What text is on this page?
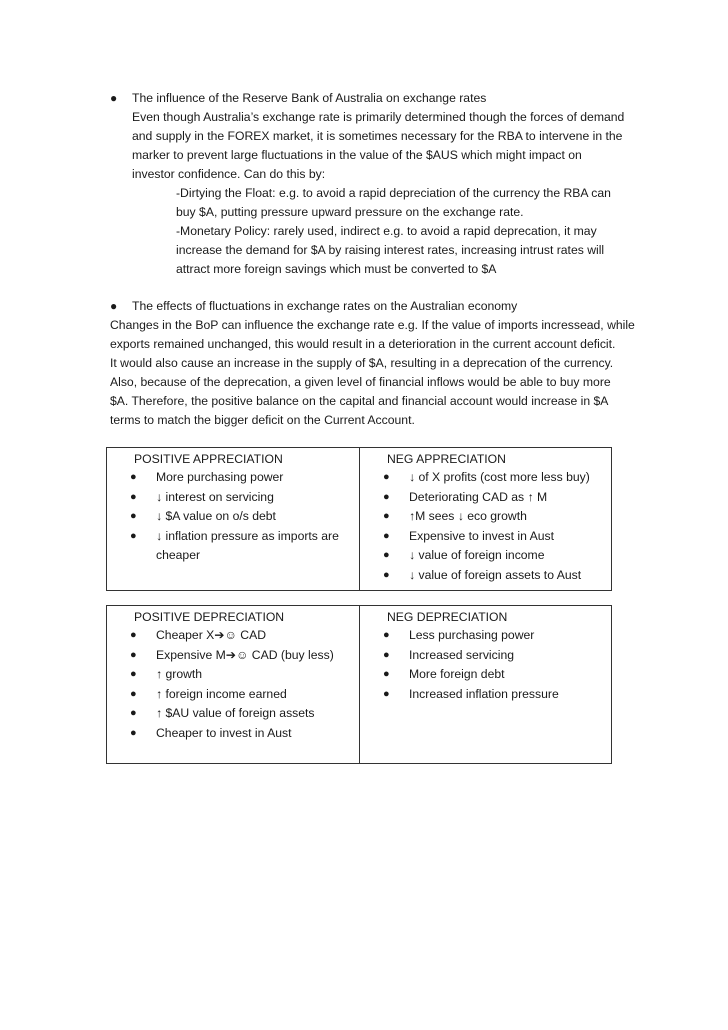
● The influence of the Reserve Bank of Australia on exchange rates
Even though Australia’s exchange rate is primarily determined though the forces of demand
and supply in the FOREX market, it is sometimes necessary for the RBA to intervene in the
marker to prevent large fluctuations in the value of the $AUS which might impact on
investor confidence. Can do this by:
-Dirtying the Float: e.g. to avoid a rapid depreciation of the currency the RBA can
buy $A, putting pressure upward pressure on the exchange rate.
-Monetary Policy: rarely used, indirect e.g. to avoid a rapid deprecation, it may
increase the demand for $A by raising interest rates, increasing intrust rates will
attract more foreign savings which must be converted to $A
● The effects of fluctuations in exchange rates on the Australian economy
Changes in the BoP can influence the exchange rate e.g. If the value of imports incressead, while
exports remained unchanged, this would result in a deterioration in the current account deficit.
It would also cause an increase in the supply of $A, resulting in a deprecation of the currency.
Also, because of the deprecation, a given level of financial inflows would be able to buy more
$A. Therefore, the positive balance on the capital and financial account would increase in $A
terms to match the bigger deficit on the Current Account.
POSITIVE APPRECIATION
● More purchasing power
● ↓ interest on servicing
● ↓ $A value on o/s debt
● ↓ inflation pressure as imports are cheaper

NEG APPRECIATION
● ↓ of X profits (cost more less buy)
● Deteriorating CAD as ↑ M
● ↑M sees ↓ eco growth
● Expensive to invest in Aust
● ↓ value of foreign income
● ↓ value of foreign assets to Aust
POSITIVE DEPRECIATION
● Cheaper X➔☺ CAD
● Expensive M➔☺ CAD (buy less)
● ↑ growth
● ↑ foreign income earned
● ↑ $AU value of foreign assets
● Cheaper to invest in Aust

NEG DEPRECIATION
● Less purchasing power
● Increased servicing
● More foreign debt
● Increased inflation pressure
